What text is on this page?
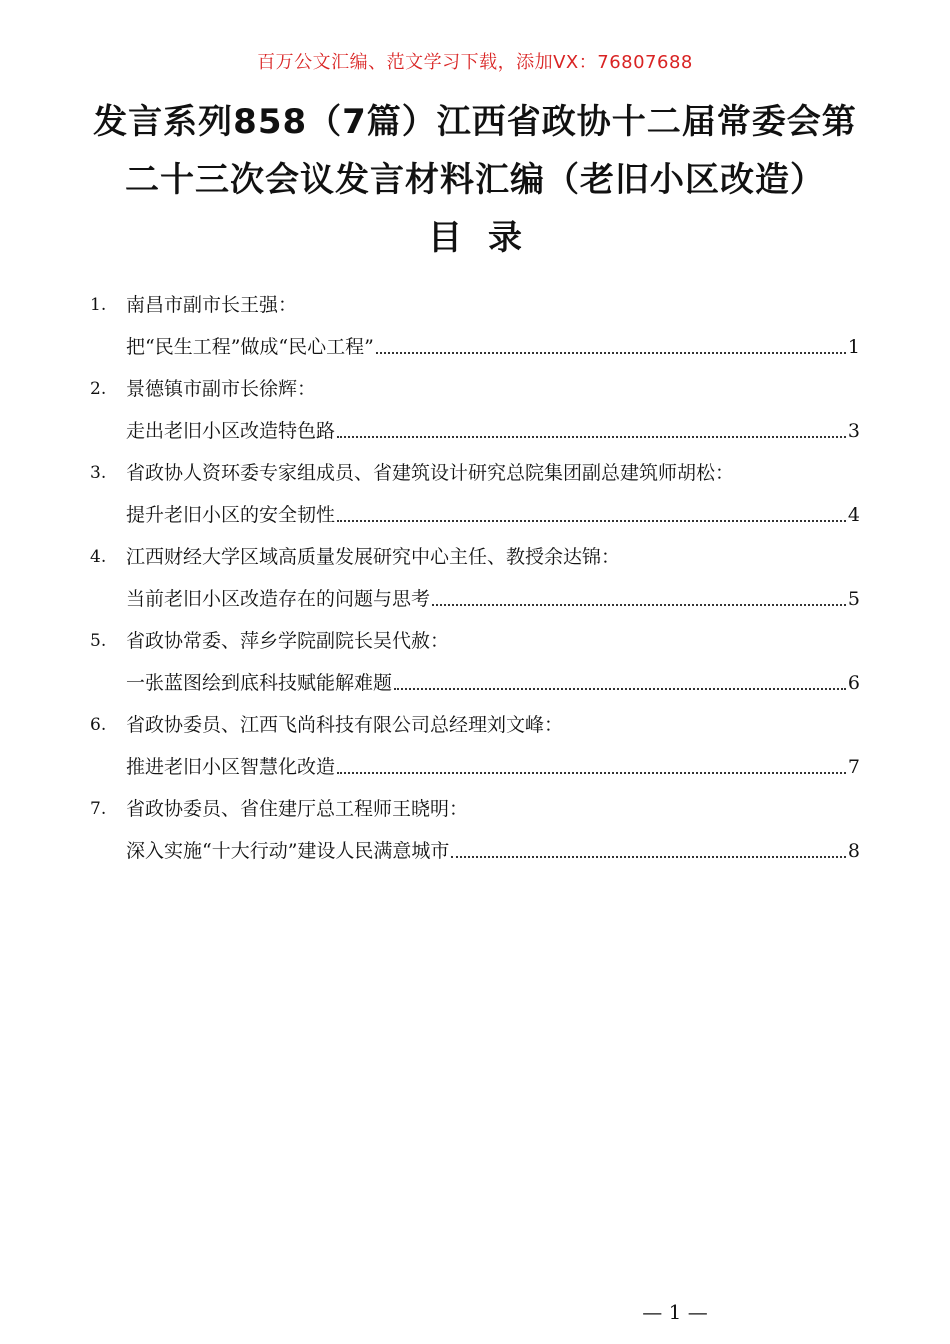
百万公文汇编、范文学习下载，添加VX：76807688
发言系列858（7篇）江西省政协十二届常委会第
二十三次会议发言材料汇编（老旧小区改造）
目录
1.	南昌市副市长王强：
把“民生工程”做成“民心工程”	1
2.	景德镇市副市长徐辉：
走出老旧小区改造特色路	3
3.	省政协人资环委专家组成员、省建筑设计研究总院集团副总建筑师胡松：
提升老旧小区的安全韧性	4
4.	江西财经大学区域高质量发展研究中心主任、教授余达锦：
当前老旧小区改造存在的问题与思考	5
5.	省政协常委、萍乡学院副院长吴代赦：
一张蓝图绘到底科技赋能解难题	6
6.	省政协委员、江西飞尚科技有限公司总经理刘文峰：
推进老旧小区智慧化改造	7
7.	省政协委员、省住建厅总工程师王晓明：
深入实施“十大行动”建设人民满意城市	8
— 1 —
